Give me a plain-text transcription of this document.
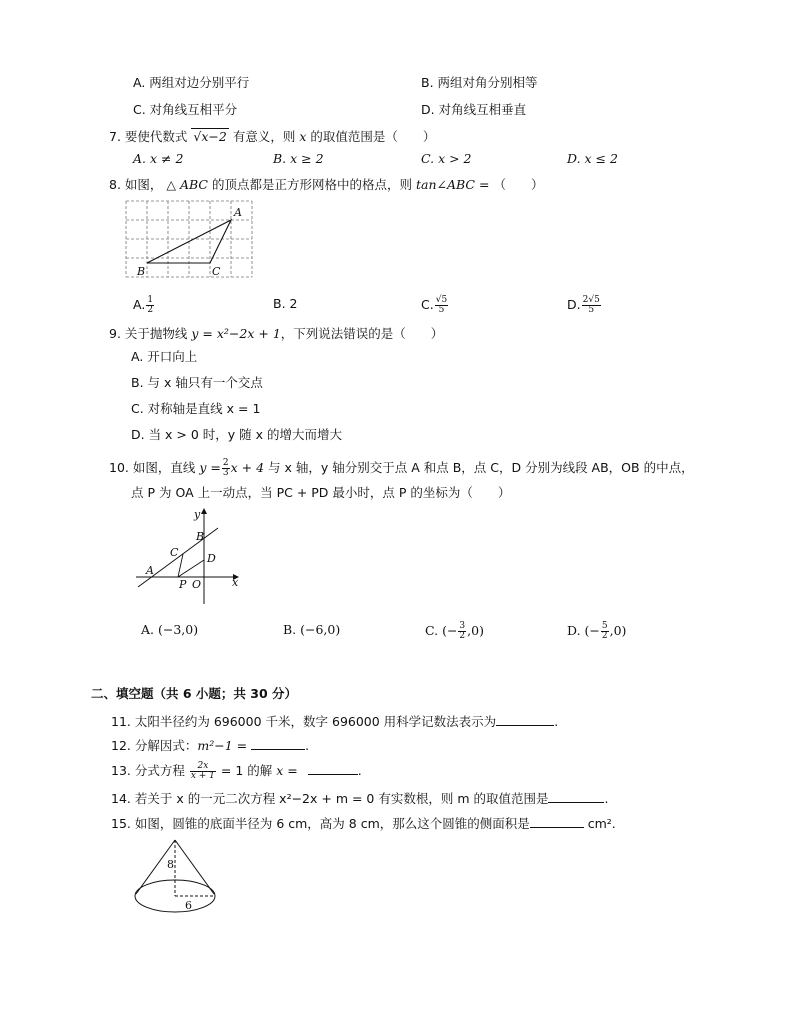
A. 两组对边分别平行	B. 两组对角分别相等
C. 对角线互相平分	D. 对角线互相垂直
7. 要使代数式 √x−2 有意义，则 x 的取值范围是（　　）
A. x ≠ 2	B. x ≥ 2	C. x > 2	D. x ≤ 2
8. 如图， △ ABC 的顶点都是正方形网格中的格点，则 tan∠ABC = （　　）
A
B	C
A. $\frac{1}{2}$	B. 2	C. $\frac{√5}{5}$	D. $\frac{2√5}{5}$
9. 关于抛物线 y = x²−2x + 1，下列说法错误的是（　　）
A. 开口向上
B. 与 x 轴只有一个交点
C. 对称轴是直线 x = 1
D. 当 x > 0 时，y 随 x 的增大而增大
10. 如图，直线 $y = \frac{2}{3}$ x + 4 与 x 轴，y 轴分别交于点 A 和点 B，点 C，D 分别为线段 AB，OB 的中点，
点 P 为 OA 上一动点，当 PC + PD 最小时，点 P 的坐标为（　　）
y
x
A
B
C	D
P O
A. (−3,0)	B. (−6,0)	C. (− $\frac{3}{2} ,0$)	D. (− $\frac{5}{2} ,0$)
二、填空题（共 6 小题；共 30 分）
11. 太阳半径约为 696000 千米，数字 696000 用科学记数法表示为	.
12. 分解因式：m²−1 =	.
13. 分式方程 $\frac{2x}{x + 1} = 1$ 的解 x =	.
14. 若关于 x 的一元二次方程 x²−2x + m = 0 有实数根，则 m 的取值范围是	.
15. 如图，圆锥的底面半径为 6 cm，高为 8 cm，那么这个圆锥的侧面积是	cm².
8
6
